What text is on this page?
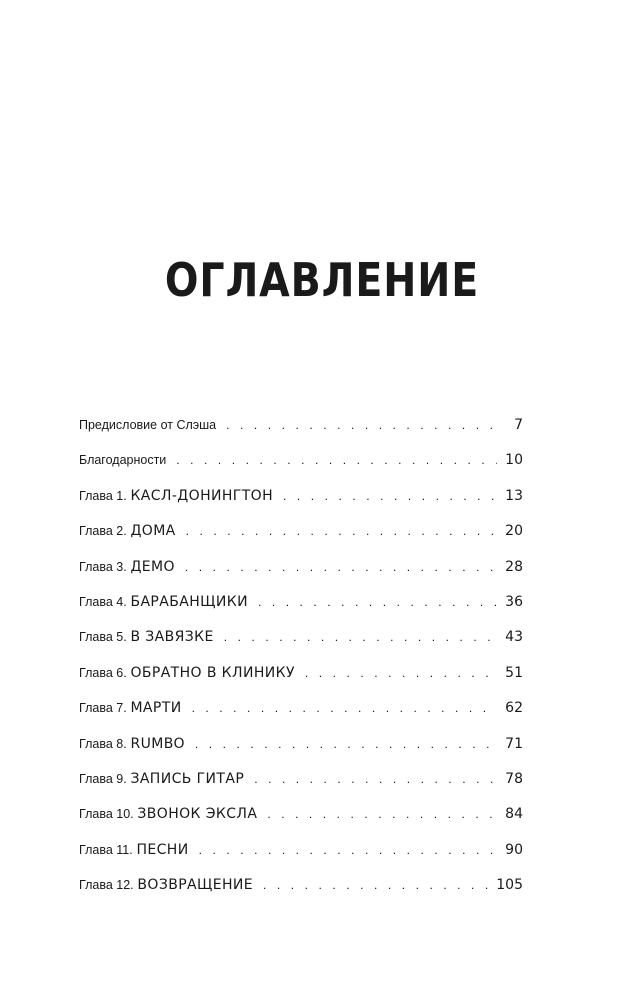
ОГЛАВЛЕНИЕ
Предисловие от Слэша . . .	7
Благодарности . . .	10
Глава 1. КАСЛ-ДОНИНГТОН . . .	13
Глава 2. ДОМА . . .	20
Глава 3. ДЕМО . . .	28
Глава 4. БАРАБАНЩИКИ . . .	36
Глава 5. В ЗАВЯЗКЕ . . .	43
Глава 6. ОБРАТНО В КЛИНИКУ . . .	51
Глава 7. МАРТИ . . .	62
Глава 8. RUMBO . . .	71
Глава 9. ЗАПИСЬ ГИТАР . . .	78
Глава 10. ЗВОНОК ЭКСЛА . . .	84
Глава 11. ПЕСНИ . . .	90
Глава 12. ВОЗВРАЩЕНИЕ . . .	105
